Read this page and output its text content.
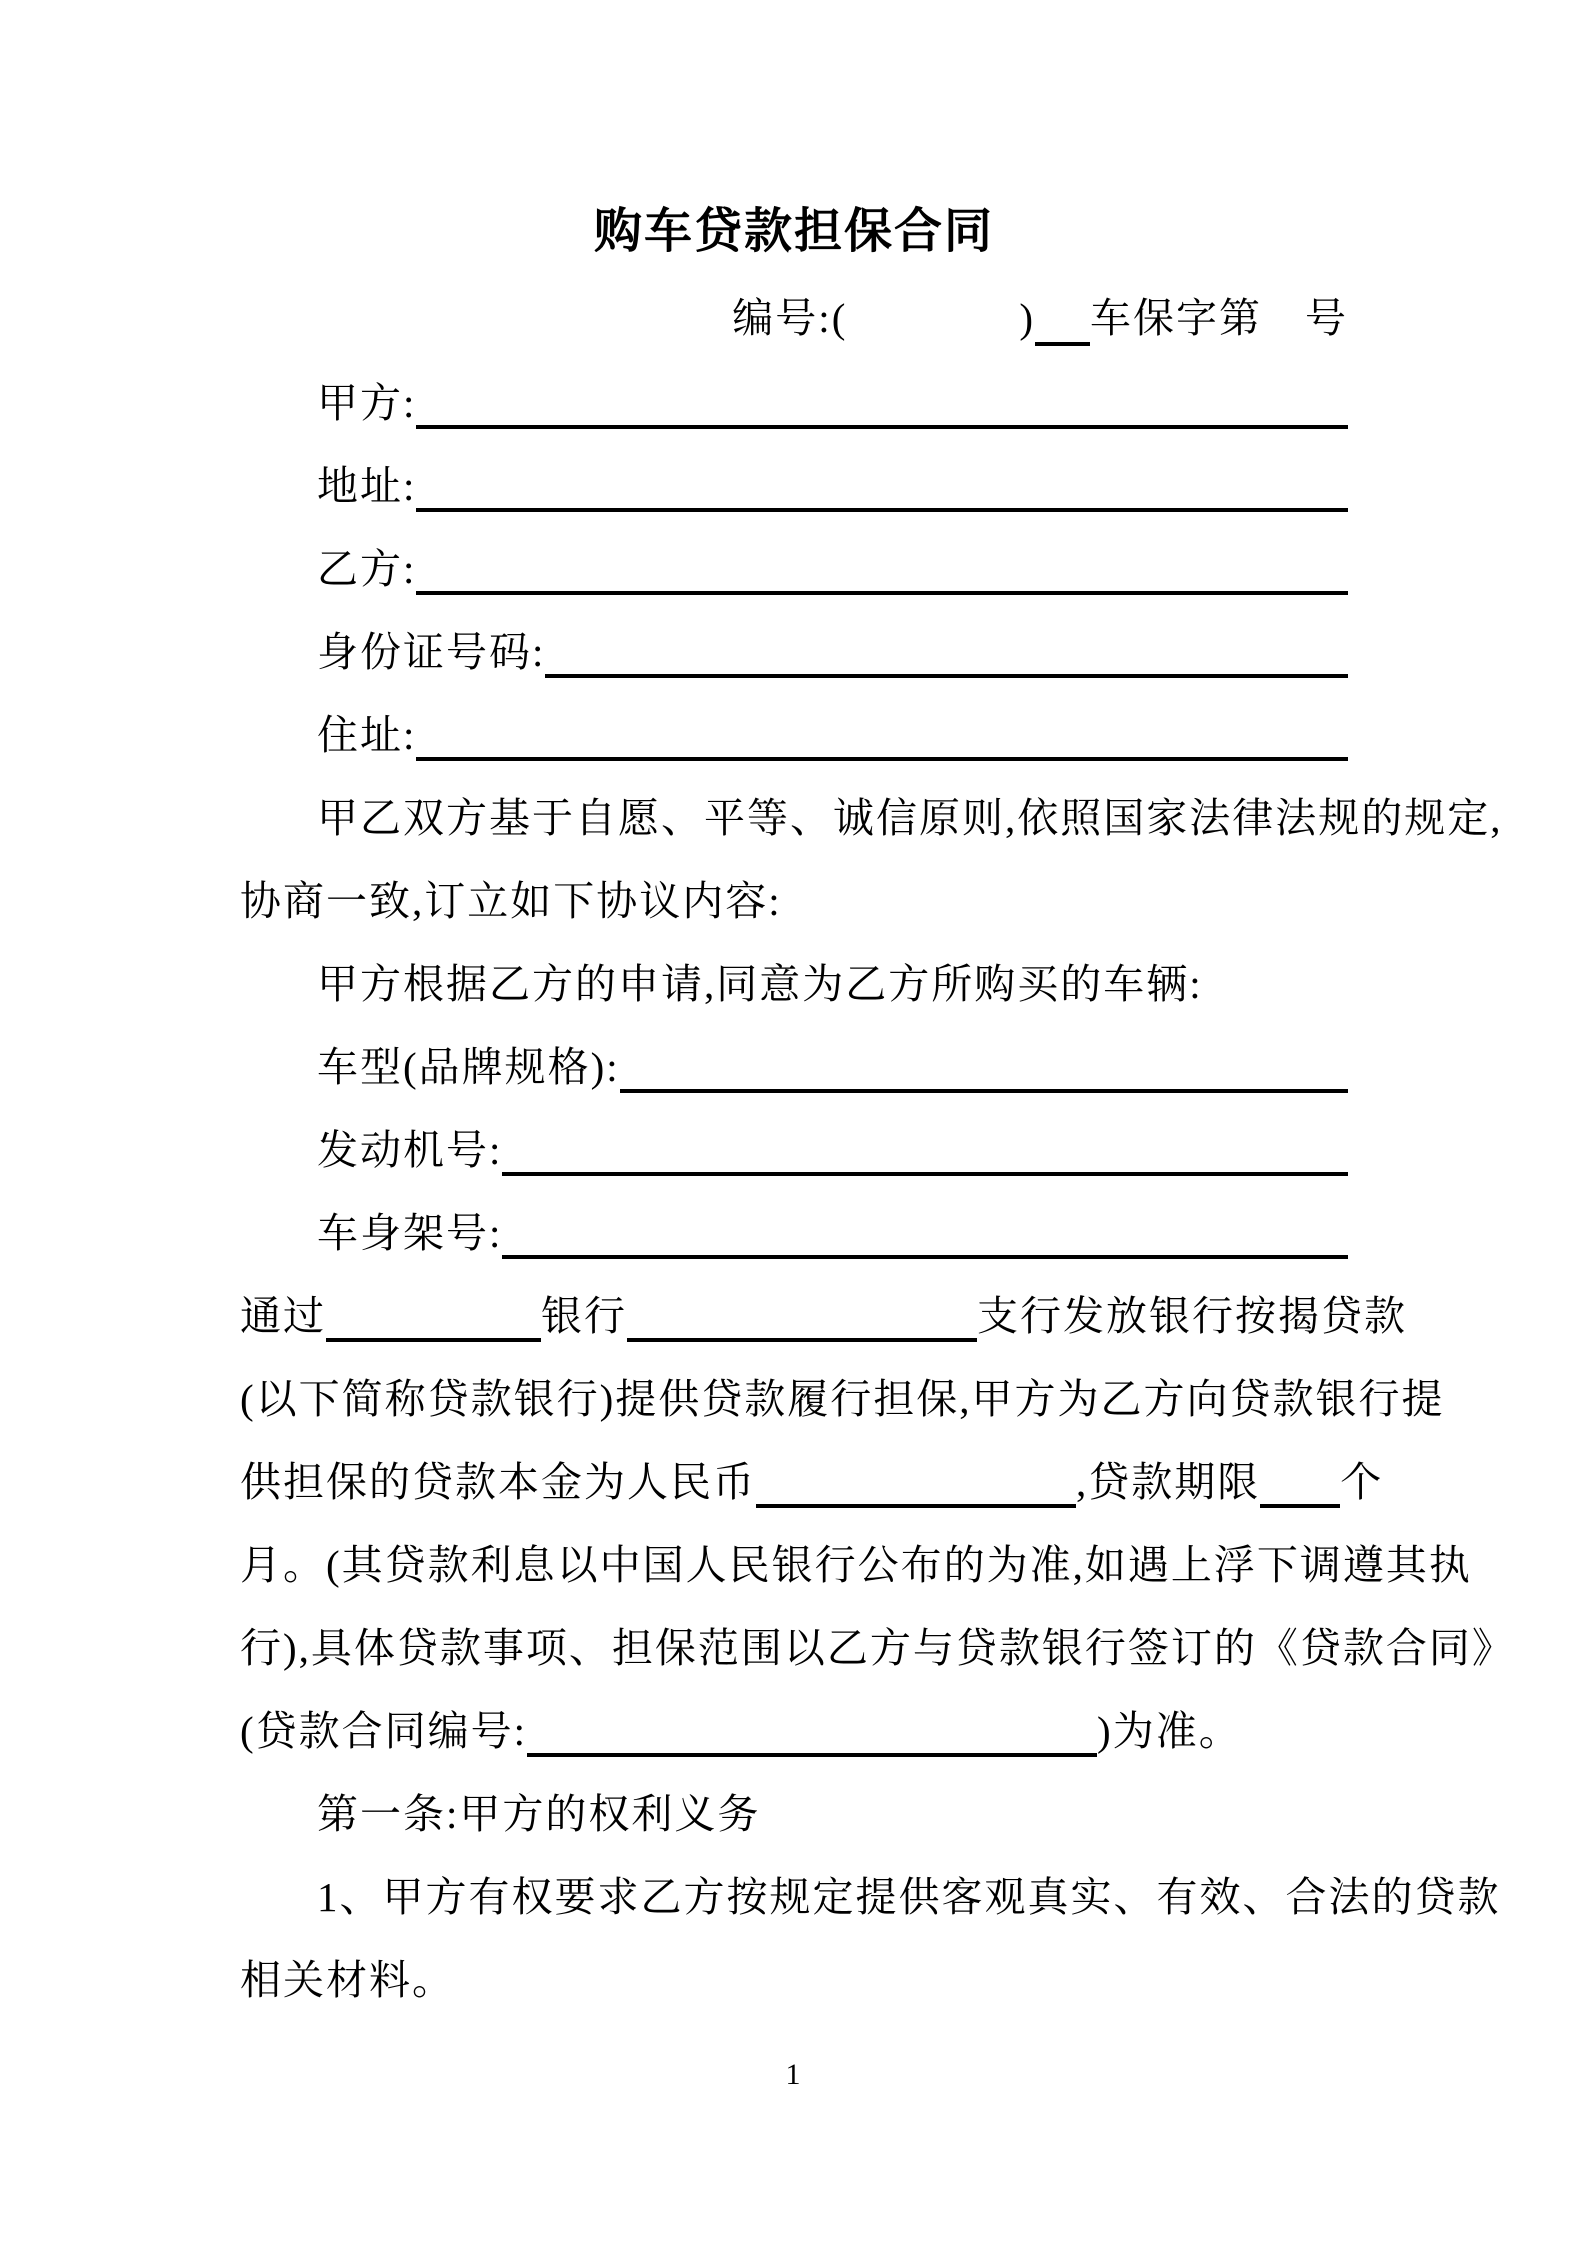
购车贷款担保合同
编号:(　　　　) 车保字第　号
甲方:
地址:
乙方:
身份证号码:
住址:
甲乙双方基于自愿、平等、诚信原则,依照国家法律法规的规定,
协商一致,订立如下协议内容:
甲方根据乙方的申请,同意为乙方所购买的车辆:
车型(品牌规格):
发动机号:
车身架号:
通过	银行	支行发放银行按揭贷款
(以下简称贷款银行)提供贷款履行担保,甲方为乙方向贷款银行提
供担保的贷款本金为人民币	,贷款期限 个
月。(其贷款利息以中国人民银行公布的为准,如遇上浮下调遵其执
行),具体贷款事项、担保范围以乙方与贷款银行签订的《贷款合同》
(贷款合同编号:	)为准。
第一条:甲方的权利义务
1、甲方有权要求乙方按规定提供客观真实、有效、合法的贷款
相关材料。
1
